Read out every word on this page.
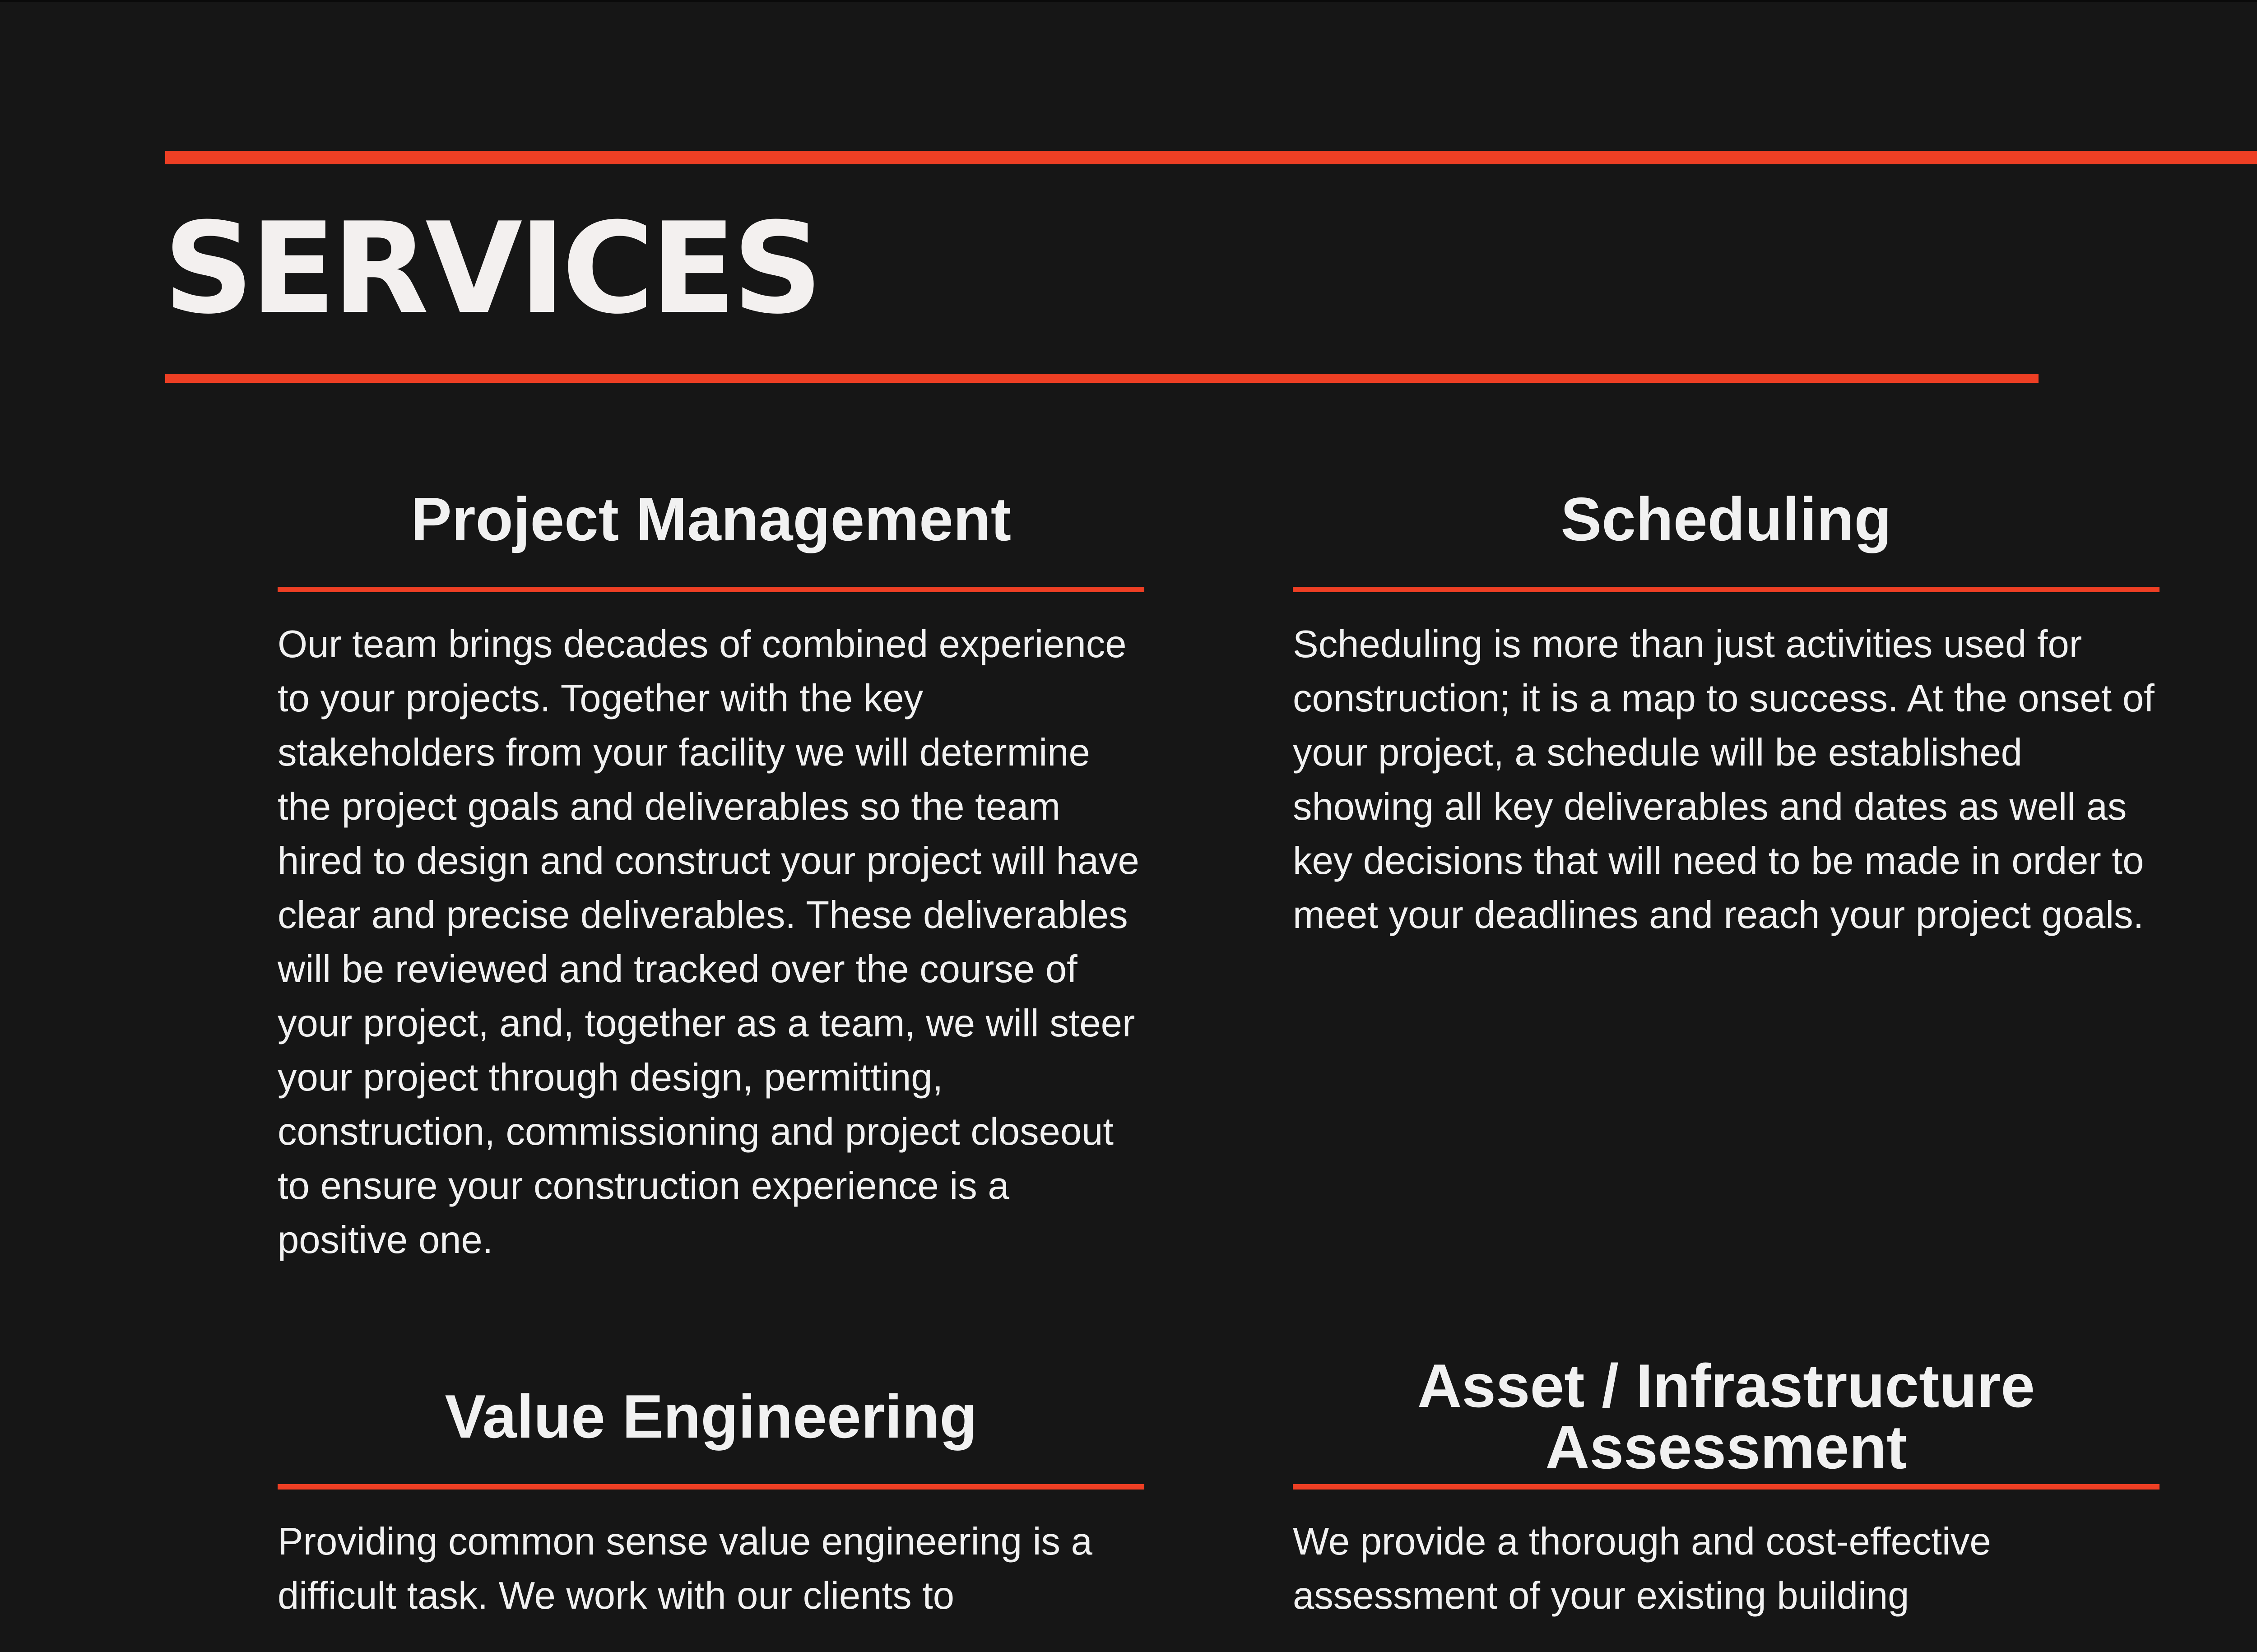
SERVICES
Project Management

Our team brings decades of combined experience to your projects. Together with the key stakeholders from your facility we will determine the project goals and deliverables so the team hired to design and construct your project will have clear and precise deliverables. These deliverables will be reviewed and tracked over the course of your project, and, together as a team, we will steer your project through design, permitting, construction, commissioning and project closeout to ensure your construction experience is a positive one.

Scheduling

Scheduling is more than just activities used for construction; it is a map to success. At the onset of your project, a schedule will be established showing all key deliverables and dates as well as key decisions that will need to be made in order to meet your deadlines and reach your project goals.

Value Engineering

Providing common sense value engineering is a difficult task. We work with our clients to

Asset / Infrastructure Assessment

We provide a thorough and cost-effective assessment of your existing building
